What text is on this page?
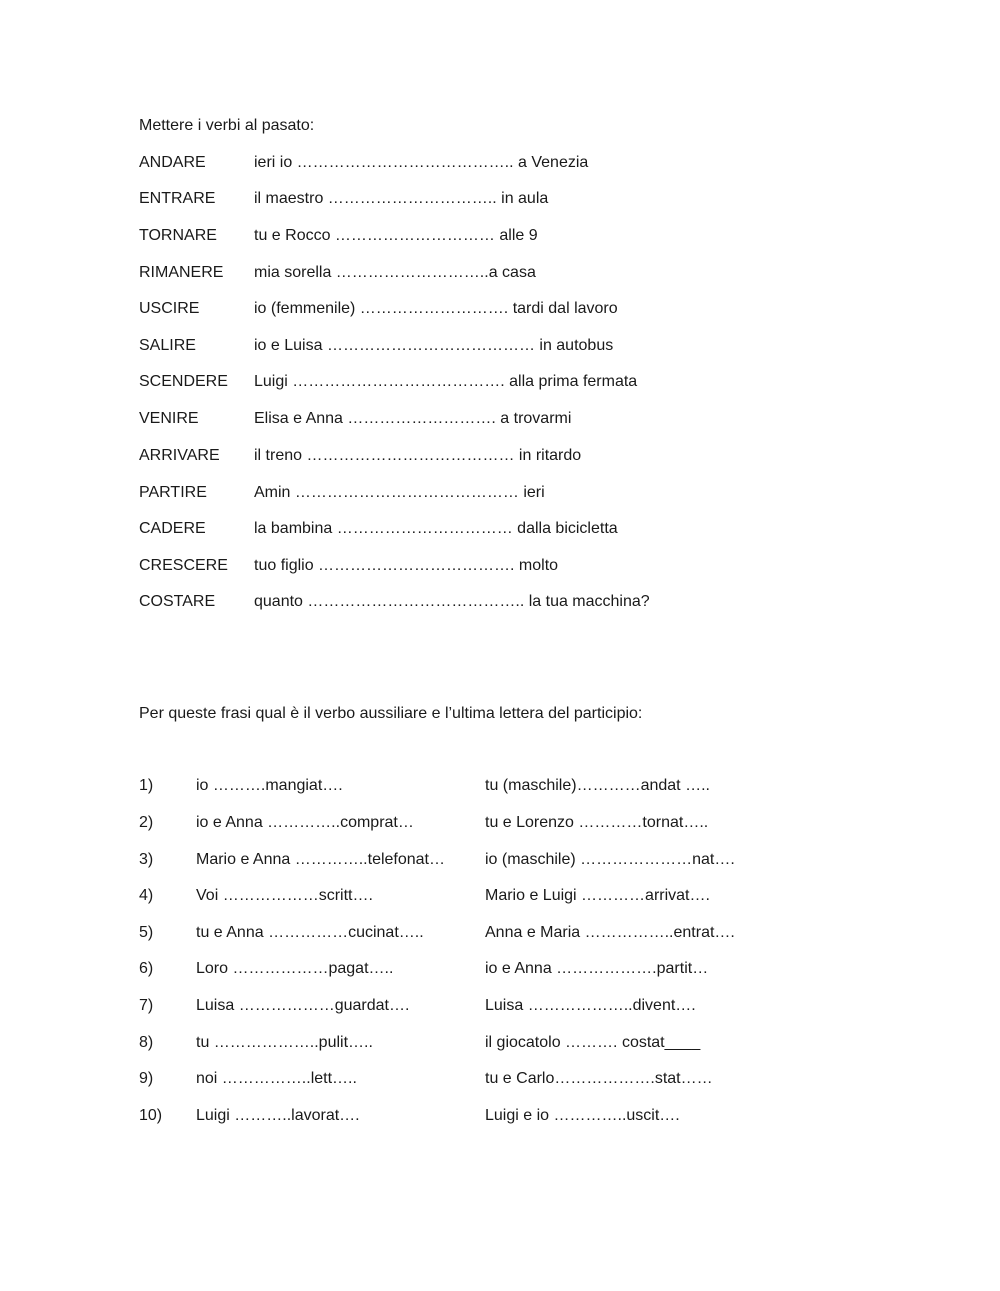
Mettere i verbi al pasato:
ANDARE	ieri io ………………………………….. a Venezia
ENTRARE il maestro ………………………….. in aula
TORNARE tu e Rocco ………………………… alle 9
RIMANERE mia sorella ………………………..a casa
USCIRE	io (femmenile) ………………………. tardi dal lavoro
SALIRE	io e Luisa ………………………………… in autobus
SCENDERE Luigi …………………………………. alla prima fermata
VENIRE	Elisa e Anna ………………………. a trovarmi
ARRIVARE il treno ………………………………… in ritardo
PARTIRE	Amin …………………………………… ieri
CADERE	la bambina …………………………… dalla bicicletta
CRESCERE tuo figlio ………………………………. molto
COSTARE quanto ………………………………….. la tua macchina?
Per queste frasi qual è il verbo aussiliare e l’ultima lettera del participio:
1)	io ……….mangiat….	tu (maschile)…………andat …..
2)	io e Anna …………..comprat…	tu e Lorenzo …………tornat…..
3)	Mario e Anna …………..telefonat…	io (maschile) …………………nat….
4)	Voi ………………scritt….	Mario e Luigi …………arrivat….
5)	tu e Anna ……………cucinat…..	Anna e Maria ……………..entrat….
6)	Loro ………………pagat…..	io e Anna ……………….partit…
7)	Luisa ………………guardat….	Luisa ………………..divent….
8)	tu ………………..pulit…..	il giocatolo ………. costat____
9)	noi ……………..lett…..	tu e Carlo……………….stat……
10) Luigi ………..lavorat….	Luigi e io …………..uscit….
